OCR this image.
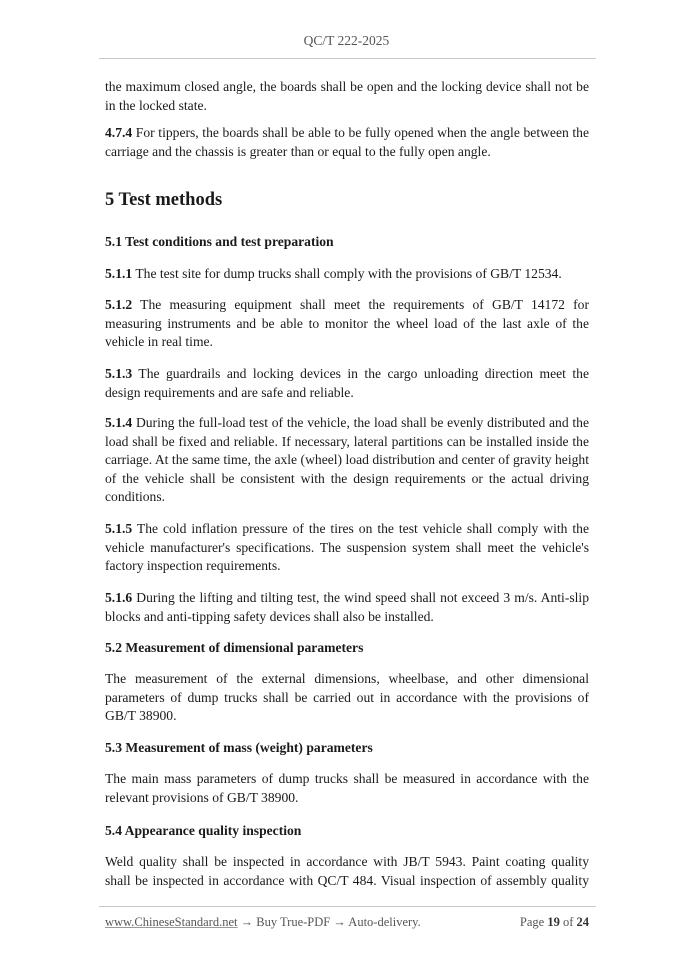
QC/T 222-2025
the maximum closed angle, the boards shall be open and the locking device shall not be in the locked state.
4.7.4 For tippers, the boards shall be able to be fully opened when the angle between the carriage and the chassis is greater than or equal to the fully open angle.
5 Test methods
5.1 Test conditions and test preparation
5.1.1 The test site for dump trucks shall comply with the provisions of GB/T 12534.
5.1.2 The measuring equipment shall meet the requirements of GB/T 14172 for measuring instruments and be able to monitor the wheel load of the last axle of the vehicle in real time.
5.1.3 The guardrails and locking devices in the cargo unloading direction meet the design requirements and are safe and reliable.
5.1.4 During the full-load test of the vehicle, the load shall be evenly distributed and the load shall be fixed and reliable. If necessary, lateral partitions can be installed inside the carriage. At the same time, the axle (wheel) load distribution and center of gravity height of the vehicle shall be consistent with the design requirements or the actual driving conditions.
5.1.5 The cold inflation pressure of the tires on the test vehicle shall comply with the vehicle manufacturer's specifications. The suspension system shall meet the vehicle's factory inspection requirements.
5.1.6 During the lifting and tilting test, the wind speed shall not exceed 3 m/s. Anti-slip blocks and anti-tipping safety devices shall also be installed.
5.2 Measurement of dimensional parameters
The measurement of the external dimensions, wheelbase, and other dimensional parameters of dump trucks shall be carried out in accordance with the provisions of GB/T 38900.
5.3 Measurement of mass (weight) parameters
The main mass parameters of dump trucks shall be measured in accordance with the relevant provisions of GB/T 38900.
5.4 Appearance quality inspection
Weld quality shall be inspected in accordance with JB/T 5943. Paint coating quality shall be inspected in accordance with QC/T 484. Visual inspection of assembly quality
www.ChineseStandard.net → Buy True-PDF → Auto-delivery.	Page 19 of 24
